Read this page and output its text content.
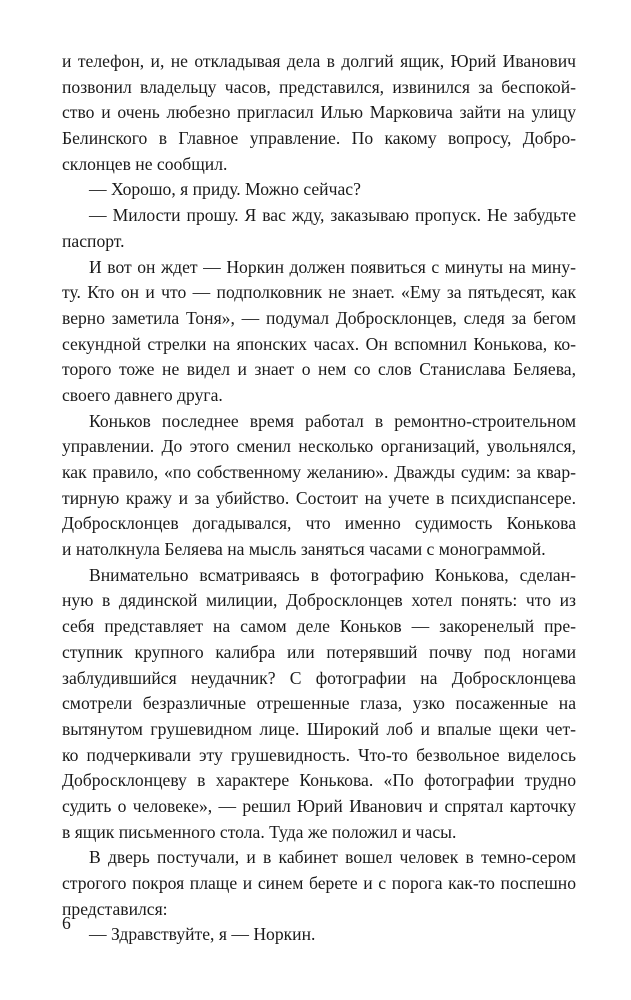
и телефон, и, не откладывая дела в долгий ящик, Юрий Иванович
позвонил владельцу часов, представился, извинился за беспокой-
ство и очень любезно пригласил Илью Марковича зайти на улицу
Белинского в Главное управление. По какому вопросу, Добро-
склонцев не сообщил.
— Хорошо, я приду. Можно сейчас?
— Милости прошу. Я вас жду, заказываю пропуск. Не забудьте
паспорт.
И вот он ждет — Норкин должен появиться с минуты на мину-
ту. Кто он и что — подполковник не знает. «Ему за пятьдесят, как
верно заметила Тоня», — подумал Добросклонцев, следя за бегом
секундной стрелки на японских часах. Он вспомнил Конькова, ко-
торого тоже не видел и знает о нем со слов Станислава Беляева,
своего давнего друга.
Коньков последнее время работал в ремонтно-строительном
управлении. До этого сменил несколько организаций, увольнялся,
как правило, «по собственному желанию». Дважды судим: за квар-
тирную кражу и за убийство. Состоит на учете в психдиспансере.
Добросклонцев догадывался, что именно судимость Конькова
и натолкнула Беляева на мысль заняться часами с монограммой.
Внимательно всматриваясь в фотографию Конькова, сделан-
ную в дядинской милиции, Добросклонцев хотел понять: что из
себя представляет на самом деле Коньков — закоренелый пре-
ступник крупного калибра или потерявший почву под ногами
заблудившийся неудачник? С фотографии на Добросклонцева
смотрели безразличные отрешенные глаза, узко посаженные на
вытянутом грушевидном лице. Широкий лоб и впалые щеки чет-
ко подчеркивали эту грушевидность. Что-то безвольное виделось
Добросклонцеву в характере Конькова. «По фотографии трудно
судить о человеке», — решил Юрий Иванович и спрятал карточку
в ящик письменного стола. Туда же положил и часы.
В дверь постучали, и в кабинет вошел человек в темно-сером
строгого покроя плаще и синем берете и с порога как-то поспешно
представился:
— Здравствуйте, я — Норкин.
6
